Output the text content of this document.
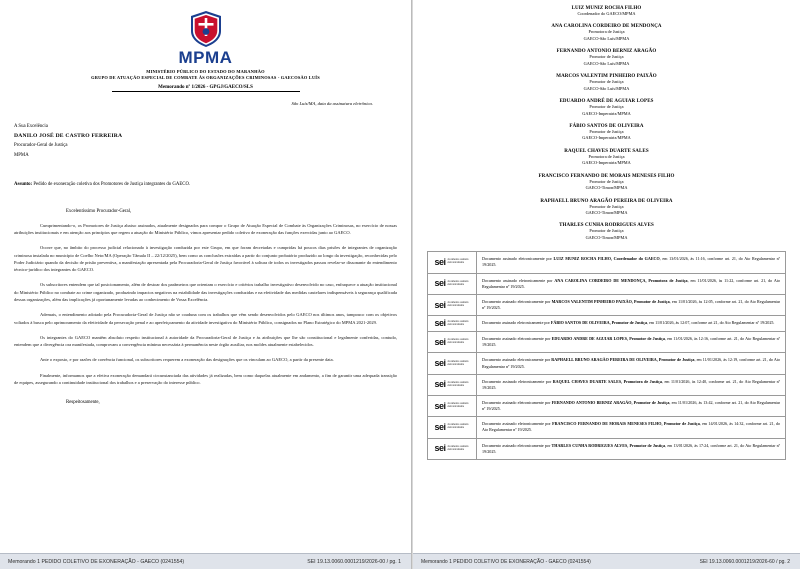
MPMA
MINISTÉRIO PÚBLICO DO ESTADO DO MARANHÃO
GRUPO DE ATUAÇÃO ESPECIAL DE COMBATE ÀS ORGANIZAÇÕES CRIMINOSAS - GAECOSÃO LUÍS
Memorando nº 1/2026 - GPGJ/GAECO/SLS
São Luís/MA, data da assinatura eletrônica.
A Sua Excelência
DANILO JOSÉ DE CASTRO FERREIRA
Procurador-Geral de Justiça
MPMA
Assunto: Pedido de exoneração coletiva dos Promotores de Justiça integrantes do GAECO.
Excelentíssimo Procurador-Geral,
Cumprimentando-o, os Promotores de Justiça abaixo assinados, atualmente designados para compor o Grupo de Atuação Especial de Combate às Organizações Criminosas, no exercício de nossas atribuições institucionais e em atenção aos princípios que regem a atuação do Ministério Público, vimos apresentar pedido coletivo de exoneração das funções exercidas junto ao GAECO.
Ocorre que, no âmbito do processo judicial relacionado à investigação conduzida por este Grupo, em que foram decretadas e cumpridas há poucos dias prisões de integrantes de organização criminosa instalada no município de Coelho Neto/MA (Operação Tâmala II – 22/12/2025), bem como as conclusões extraídas a partir do conjunto probatório produzido ao longo da investigação, reconhecidas pelo Poder Judiciário quando da decisão de prisão preventiva, a manifestação apresentada pela Procuradoria-Geral de Justiça favorável à soltura de todos os investigados passou revelar-se dissonante do entendimento técnico-jurídico dos integrantes do GAECO.
Os subscritores entendem que tal posicionamento, além de destoar dos parâmetros que orientam o exercício e critérios trabalho investigativo desenvolvido no caso, enfraquece a atuação institucional do Ministério Público no combate ao crime organizado, produzindo impactos negativos na estabilidade das investigações conduzidas e na efetividade das medidas cautelares indispensáveis à segurança qualificada dessas organizações, além das implicações já oportunamente levadas ao conhecimento de Vossa Excelência.
Ademais, o entendimento adotado pela Procuradoria-Geral de Justiça não se coaduna com os trabalhos que vêm sendo desenvolvidos pelo GAECO nos últimos anos, tampouco com os objetivos voltados à busca pelo aprimoramento da efetividade da persecução penal e ao aperfeiçoamento da atividade investigativa do Ministério Público, consignados no Plano Estratégico do MPMA 2021-2029.
Os integrantes do GAECO mantêm absoluto respeito institucional à autoridade da Procuradoria-Geral de Justiça e às atribuições que lhe são constitucional e legalmente conferidas, contudo, entendem que a divergência ora manifestada, comprovam a convergência mínima necessária à permanência neste órgão auxiliar, nos moldes atualmente estabelecidos.
Ante o exposto, e por razões de coerência funcional, os subscritores requerem a exoneração das designações que os vinculam ao GAECO, a partir da presente data.
Finalmente, informamos que a efetiva exoneração demandará circunstanciada das atividades já realizadas, bem como daquelas atualmente em andamento, a fim de garantir uma adequada transição de equipes, assegurando a continuidade institucional dos trabalhos e a preservação do interesse público.
Respeitosamente,
Memorando 1 PEDIDO COLETIVO DE EXONERAÇÃO - GAECO (0241554)	SEI 19.13.0060.0001219/2026-00 / pg. 1
LUIZ MUNIZ ROCHA FILHO
Coordenador do GAECO/MPMA
ANA CAROLINA CORDEIRO DE MENDONÇA
Promotora de Justiça
GAECO-São Luís/MPMA
FERNANDO ANTONIO BERNIZ ARAGÃO
Promotor de Justiça
GAECO-São Luís/MPMA
MARCOS VALENTIM PINHEIRO PAIXÃO
Promotor de Justiça
GAECO-São Luís/MPMA
EDUARDO ANDRÉ DE AGUIAR LOPES
Promotor de Justiça
GAECO-Imperatriz/MPMA
FÁBIO SANTOS DE OLIVEIRA
Promotor de Justiça
GAECO-Imperatriz/MPMA
RAQUEL CHAVES DUARTE SALES
Promotora de Justiça
GAECO-Imperatriz/MPMA
FRANCISCO FERNANDO DE MORAIS MENESES FILHO
Promotor de Justiça
GAECO-Timon/MPMA
RAPHAELL BRUNO ARAGÃO PEREIRA DE OLIVEIRA
Promotor de Justiça
GAECO-Timon/MPMA
THARLES CUNHA RODRIGUES ALVES
Promotor de Justiça
GAECO-Timon/MPMA
sei documento assinado eletronicamente
Documento assinado eletronicamente por LUIZ MUNIZ ROCHA FILHO, Coordenador do GAECO, em 13/01/2026, às 11:16, conforme art. 21, do Ato Regulamentar nº 19/2025.
sei documento assinado eletronicamente
Documento assinado eletronicamente por ANA CAROLINA CORDEIRO DE MENDONÇA, Promotora de Justiça, em 11/01/2026, às 11:22, conforme art. 21, do Ato Regulamentar nº 19/2025.
sei documento assinado eletronicamente
Documento assinado eletronicamente por MARCOS VALENTIM PINHEIRO PAIXÃO, Promotor de Justiça, em 11/01/2026, às 12:05, conforme art. 21, do Ato Regulamentar nº 19/2025.
sei documento assinado eletronicamente	Documento assinado eletronicamente por FÁBIO SANTOS DE OLIVEIRA, Promotor de Justiça, em 11/01/2026, às 12:07, conforme art 21, do Ato Regulamentar nº 19/2025.
sei documento assinado eletronicamente
Documento assinado eletronicamente por EDUARDO ANDRE DE AGUIAR LOPES, Promotor de Justiça, em 11/01/2026, às 12:16, conforme art. 21, do Ato Regulamentar nº 19/2025.
sei documento assinado eletronicamente
Documento assinado eletronicamente por RAPHAELL BRUNO ARAGÃO PEREIRA DE OLIVEIRA, Promotor de Justiça, em 11/01/2026, às 12:19, conforme art. 21, do Ato Regulamentar nº 19/2025.
sei documento assinado eletronicamente
Documento assinado eletronicamente por RAQUEL CHAVES DUARTE SALES, Promotora de Justiça, em 11/01/2026, às 12:40, conforme art. 21, do Ato Regulamentar nº 19/2025.
sei documento assinado eletronicamente
Documento assinado eletronicamente por FERNANDO ANTONIO BERNIZ ARAGÃO, Promotor de Justiça, em 11/01/2026, às 13:42, conforme art. 21, do Ato Regulamentar nº 19/2025.
sei documento assinado eletronicamente
Documento assinado eletronicamente por FRANCISCO FERNANDO DE MORAIS MENESES FILHO, Promotor de Justiça, em 14/01/2026, às 14:32, conforme art. 21, do Ato Regulamentar nº 19/2025.
sei documento assinado eletronicamente
Documento assinado eletronicamente por THARLES CUNHA RODRIGUES ALVES, Promotor de Justiça, em 13/01/2026, às 17:24, conforme art. 21, do Ato Regulamentar nº 19/2025.
Memorando 1 PEDIDO COLETIVO DE EXONERAÇÃO - GAECO (0241554)	SEI 19.13.0060.0001219/2026-60 / pg. 2
